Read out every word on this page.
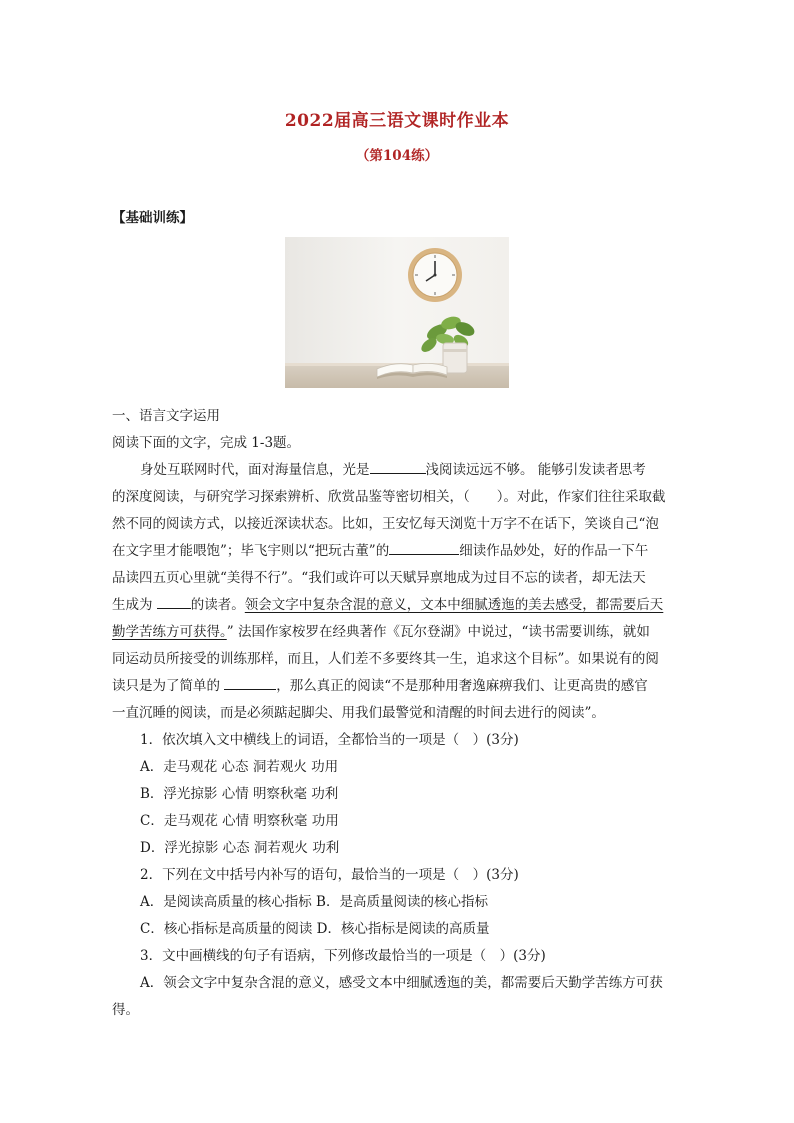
2022届高三语文课时作业本
（第104练）
【基础训练】
一、语言文字运用
阅读下面的文字，完成 1-3题。
身处互联网时代，面对海量信息，光是	浅阅读远远不够。 能够引发读者思考
的深度阅读，与研究学习探索辨析、欣赏品鉴等密切相关，（　　）。对此，作家们往往采取截
然不同的阅读方式，以接近深读状态。比如，王安忆每天浏览十万字不在话下，笑谈自己“泡
在文字里才能喂饱”；毕飞宇则以“把玩古董”的	细读作品妙处，好的作品一下午
品读四五页心里就“美得不行”。“我们或许可以天赋异禀地成为过目不忘的读者，却无法天
生成为	的读者。领会文字中复杂含混的意义，文本中细腻透迤的美去感受，都需要后天
勤学苦练方可获得。” 法国作家桉罗在经典著作《瓦尔登湖》中说过，“读书需要训练，就如
同运动员所接受的训练那样，而且，人们差不多要终其一生，追求这个目标”。如果说有的阅
读只是为了简单的	，那么真正的阅读“不是那种用奢逸麻痹我们、让更高贵的感官
一直沉睡的阅读，而是必须踮起脚尖、用我们最警觉和清醒的时间去进行的阅读”。
1．依次填入文中横线上的词语，全都恰当的一项是（　）(3分)
A．走马观花 心态 洞若观火 功用
B．浮光掠影 心情 明察秋毫 功利
C．走马观花 心情 明察秋毫 功用
D．浮光掠影 心态 洞若观火 功利
2．下列在文中括号内补写的语句，最恰当的一项是（　）(3分)
A．是阅读高质量的核心指标 B．是高质量阅读的核心指标
C．核心指标是高质量的阅读 D．核心指标是阅读的高质量
3．文中画横线的句子有语病，下列修改最恰当的一项是（　）(3分)
A．领会文字中复杂含混的意义，感受文本中细腻透迤的美，都需要后天勤学苦练方可获
得。
